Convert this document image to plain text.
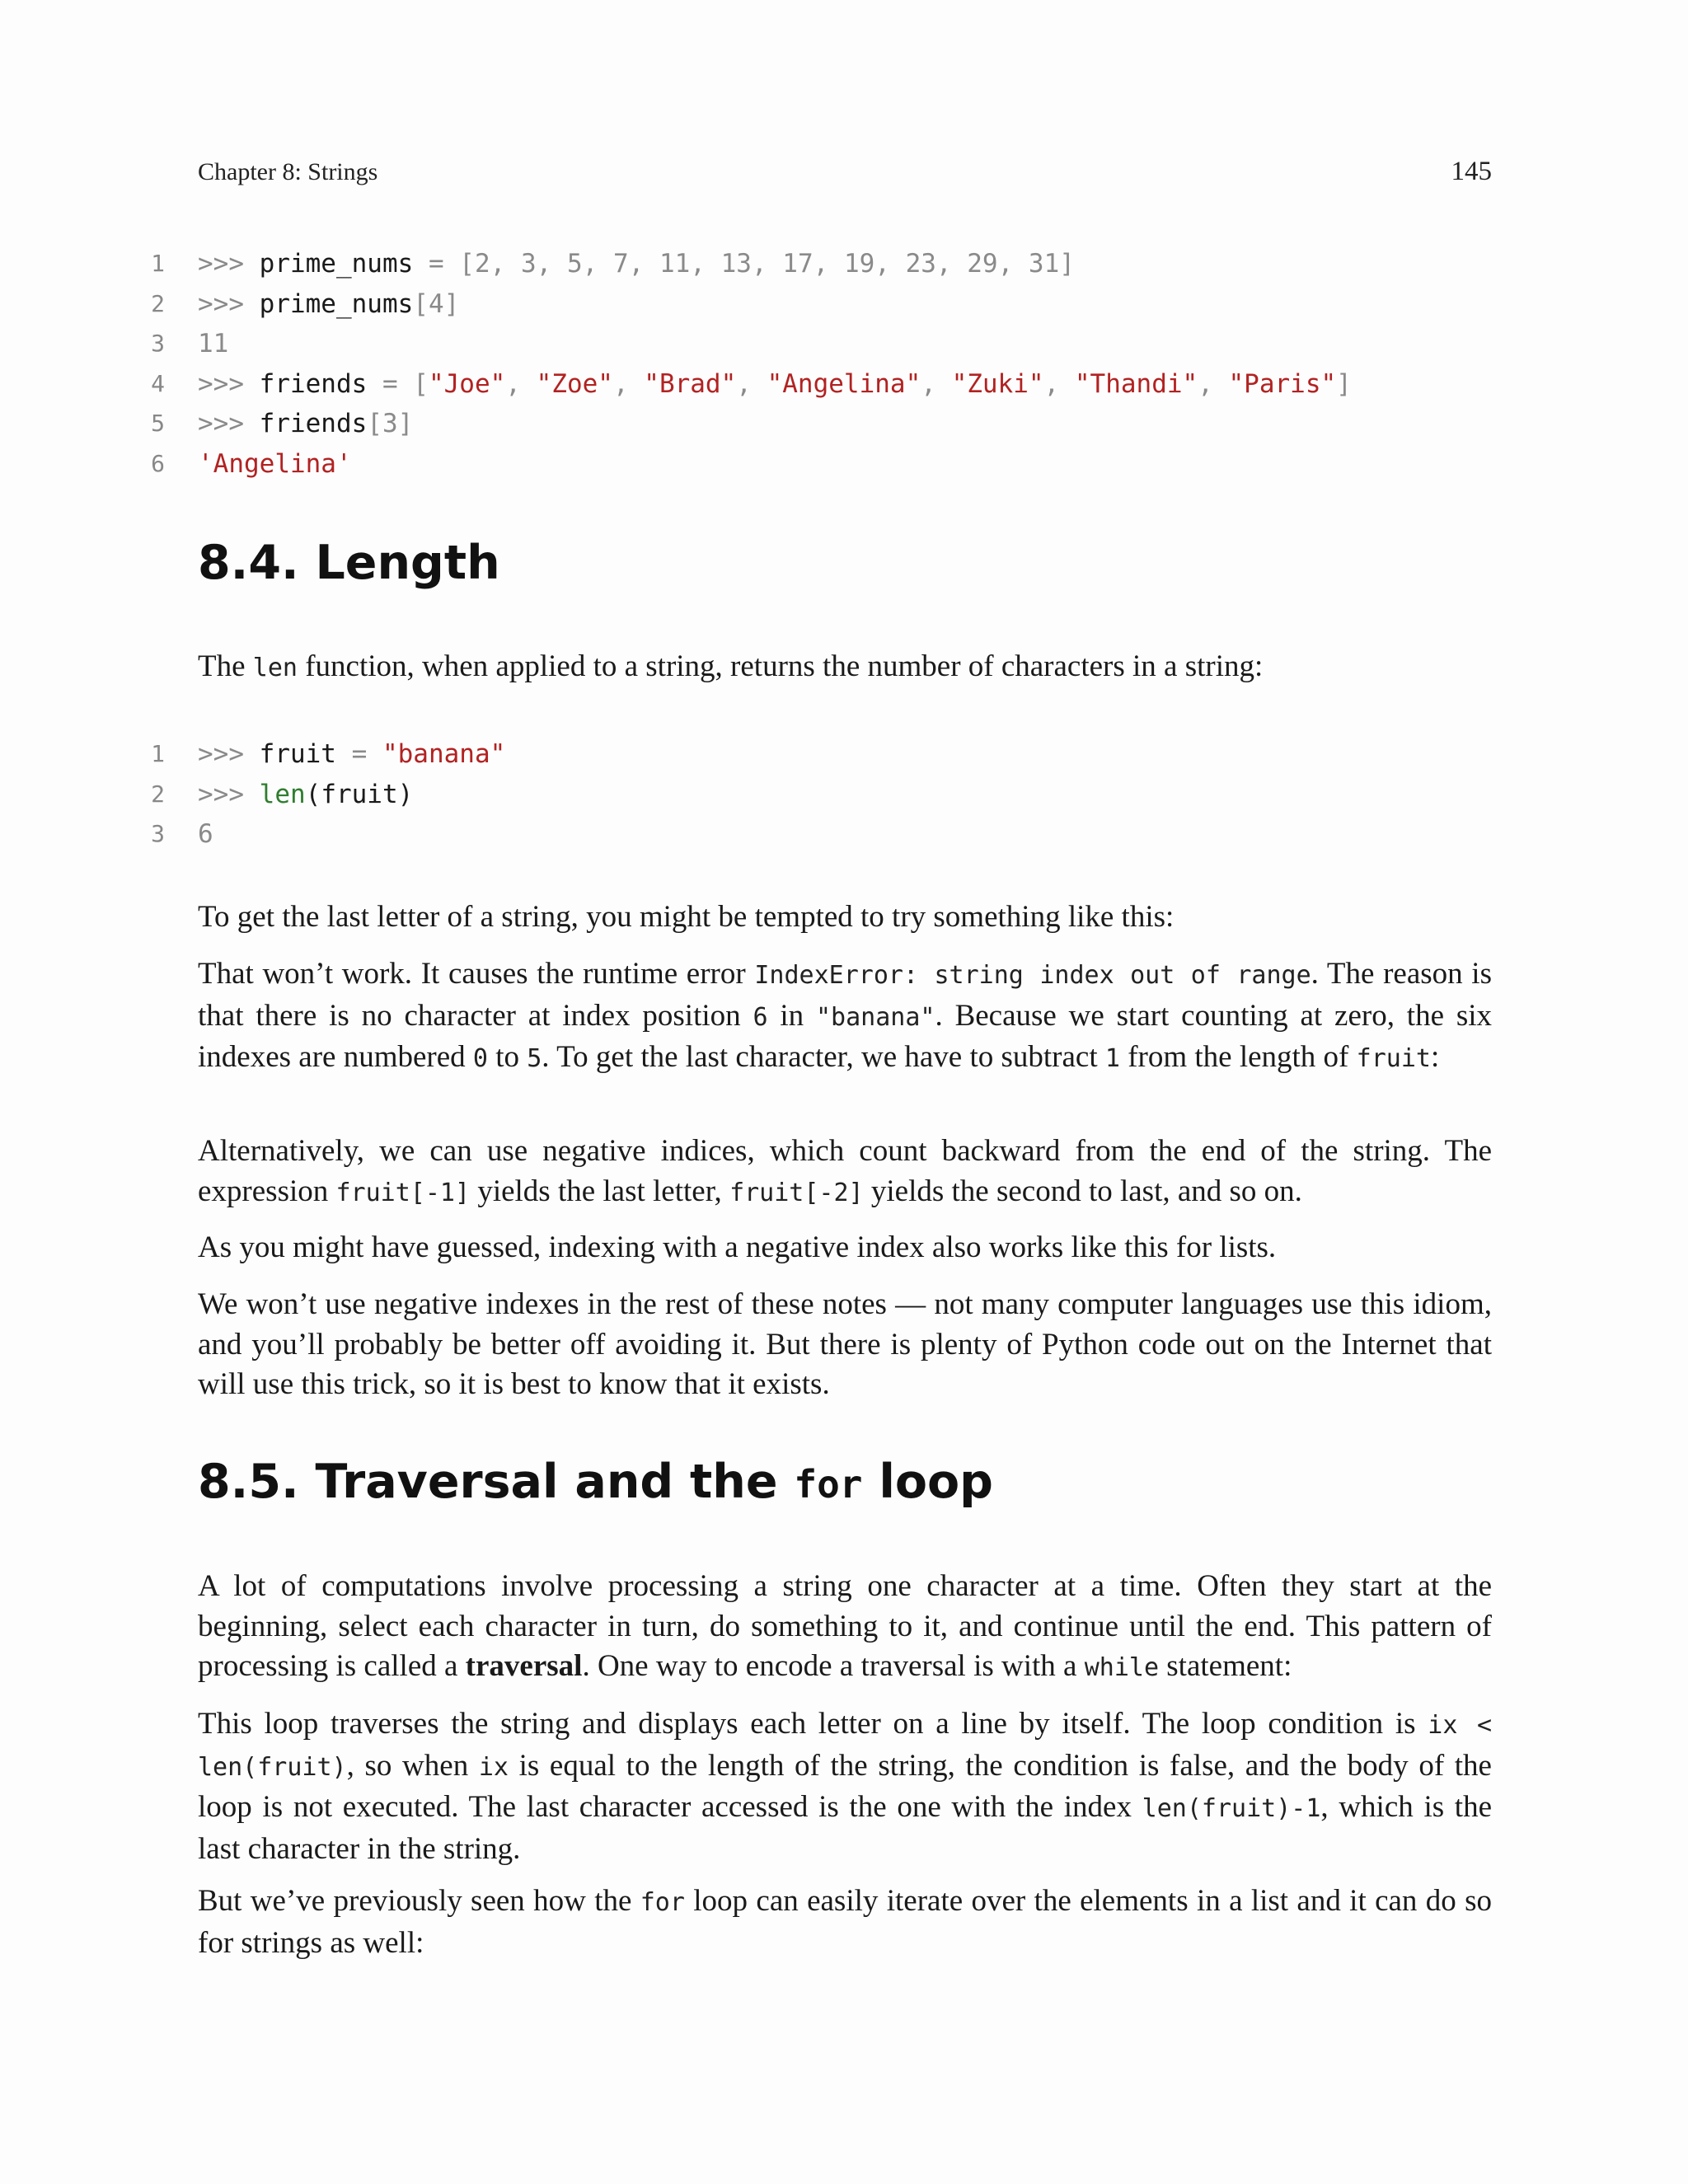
Chapter 8: Strings	145
1 >>> prime_nums = [2, 3, 5, 7, 11, 13, 17, 19, 23, 29, 31]
2 >>> prime_nums[4]
3 11
4 >>> friends = ["Joe", "Zoe", "Brad", "Angelina", "Zuki", "Thandi", "Paris"]
5 >>> friends[3]
6 'Angelina'
8.4. Length

The len function, when applied to a string, returns the number of characters in a string:

1 >>> fruit = "banana"
2 >>> len(fruit)
3 6

To get the last letter of a string, you might be tempted to try something like this:

That won’t work. It causes the runtime error IndexError: string index out of range. The reason is that there is no character at index position 6 in "banana". Because we start counting at zero, the six indexes are numbered 0 to 5. To get the last character, we have to subtract 1 from the length of fruit:

Alternatively, we can use negative indices, which count backward from the end of the string. The expression fruit[-1] yields the last letter, fruit[-2] yields the second to last, and so on.

As you might have guessed, indexing with a negative index also works like this for lists.

We won’t use negative indexes in the rest of these notes — not many computer languages use this idiom, and you’ll probably be better off avoiding it. But there is plenty of Python code out on the Internet that will use this trick, so it is best to know that it exists.

8.5. Traversal and the for loop

A lot of computations involve processing a string one character at a time. Often they start at the beginning, select each character in turn, do something to it, and continue until the end. This pattern of processing is called a traversal. One way to encode a traversal is with a while statement:

This loop traverses the string and displays each letter on a line by itself. The loop condition is ix < len(fruit), so when ix is equal to the length of the string, the condition is false, and the body of the loop is not executed. The last character accessed is the one with the index len(fruit)-1, which is the last character in the string.

But we’ve previously seen how the for loop can easily iterate over the elements in a list and it can do so for strings as well:
